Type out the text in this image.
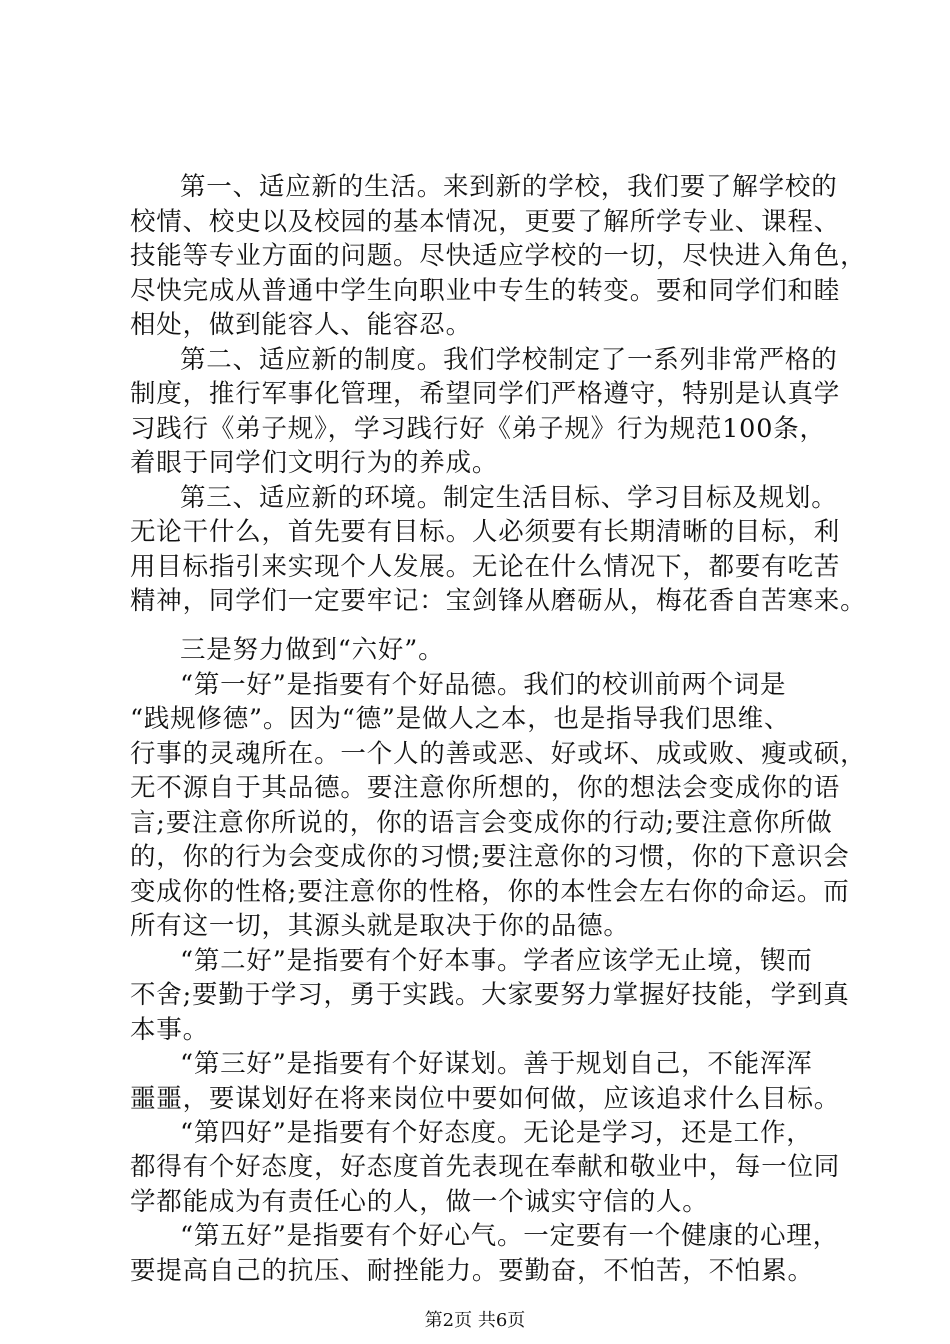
第一、适应新的生活。来到新的学校，我们要了解学校的
校情、校史以及校园的基本情况，更要了解所学专业、课程、
技能等专业方面的问题。尽快适应学校的一切，尽快进入角色，
尽快完成从普通中学生向职业中专生的转变。要和同学们和睦
相处，做到能容人、能容忍。
第二、适应新的制度。我们学校制定了一系列非常严格的
制度，推行军事化管理，希望同学们严格遵守，特别是认真学
习践行《弟子规》，学习践行好《弟子规》行为规范100条，
着眼于同学们文明行为的养成。
第三、适应新的环境。制定生活目标、学习目标及规划。
无论干什么，首先要有目标。人必须要有长期清晰的目标，利
用目标指引来实现个人发展。无论在什么情况下，都要有吃苦
精神，同学们一定要牢记：宝剑锋从磨砺从，梅花香自苦寒来。
三是努力做到“六好”。
“第一好”是指要有个好品德。我们的校训前两个词是
“践规修德”。因为“德”是做人之本，也是指导我们思维、
行事的灵魂所在。一个人的善或恶、好或坏、成或败、瘦或硕，
无不源自于其品德。要注意你所想的，你的想法会变成你的语
言;要注意你所说的，你的语言会变成你的行动;要注意你所做
的，你的行为会变成你的习惯;要注意你的习惯，你的下意识会
变成你的性格;要注意你的性格，你的本性会左右你的命运。而
所有这一切，其源头就是取决于你的品德。
“第二好”是指要有个好本事。学者应该学无止境，锲而
不舍;要勤于学习，勇于实践。大家要努力掌握好技能，学到真
本事。
“第三好”是指要有个好谋划。善于规划自己，不能浑浑
噩噩，要谋划好在将来岗位中要如何做，应该追求什么目标。
“第四好”是指要有个好态度。无论是学习，还是工作，
都得有个好态度，好态度首先表现在奉献和敬业中，每一位同
学都能成为有责任心的人，做一个诚实守信的人。
“第五好”是指要有个好心气。一定要有一个健康的心理，
要提高自己的抗压、耐挫能力。要勤奋，不怕苦，不怕累。
第2页 共6页
